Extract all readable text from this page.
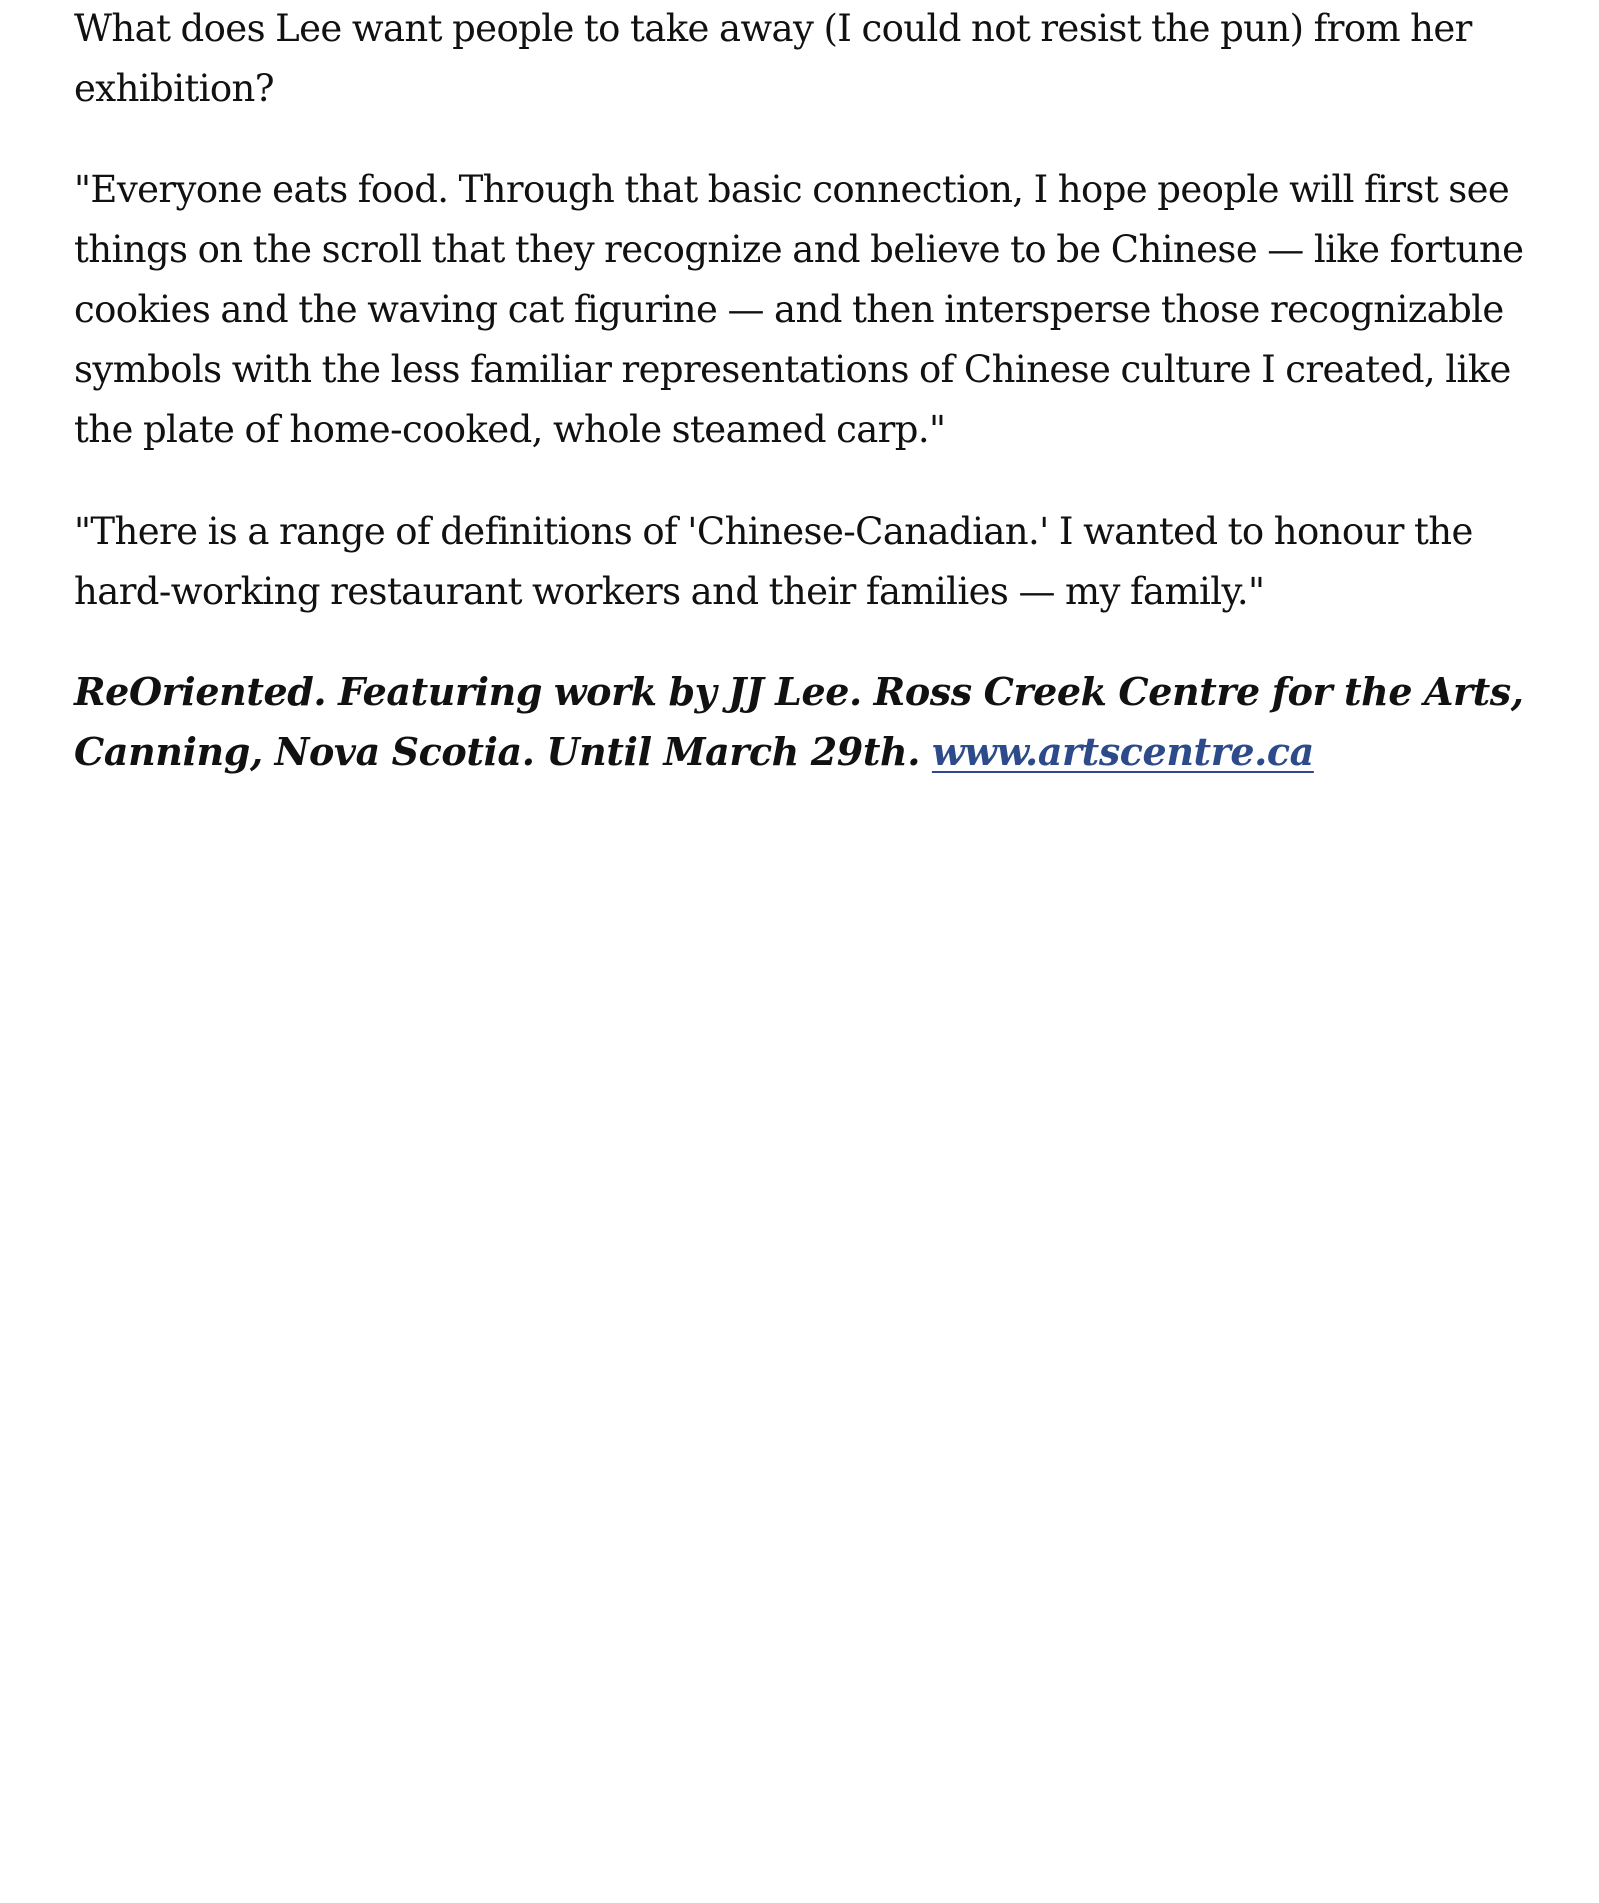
What does Lee want people to take away (I could not resist the pun) from her exhibition?

"Everyone eats food. Through that basic connection, I hope people will first see things on the scroll that they recognize and believe to be Chinese — like fortune cookies and the waving cat figurine — and then intersperse those recognizable symbols with the less familiar representations of Chinese culture I created, like the plate of home-cooked, whole steamed carp."

"There is a range of definitions of 'Chinese-Canadian.' I wanted to honour the hard-working restaurant workers and their families — my family."

ReOriented. Featuring work by JJ Lee. Ross Creek Centre for the Arts, Canning, Nova Scotia. Until March 29th. www.artscentre.ca
